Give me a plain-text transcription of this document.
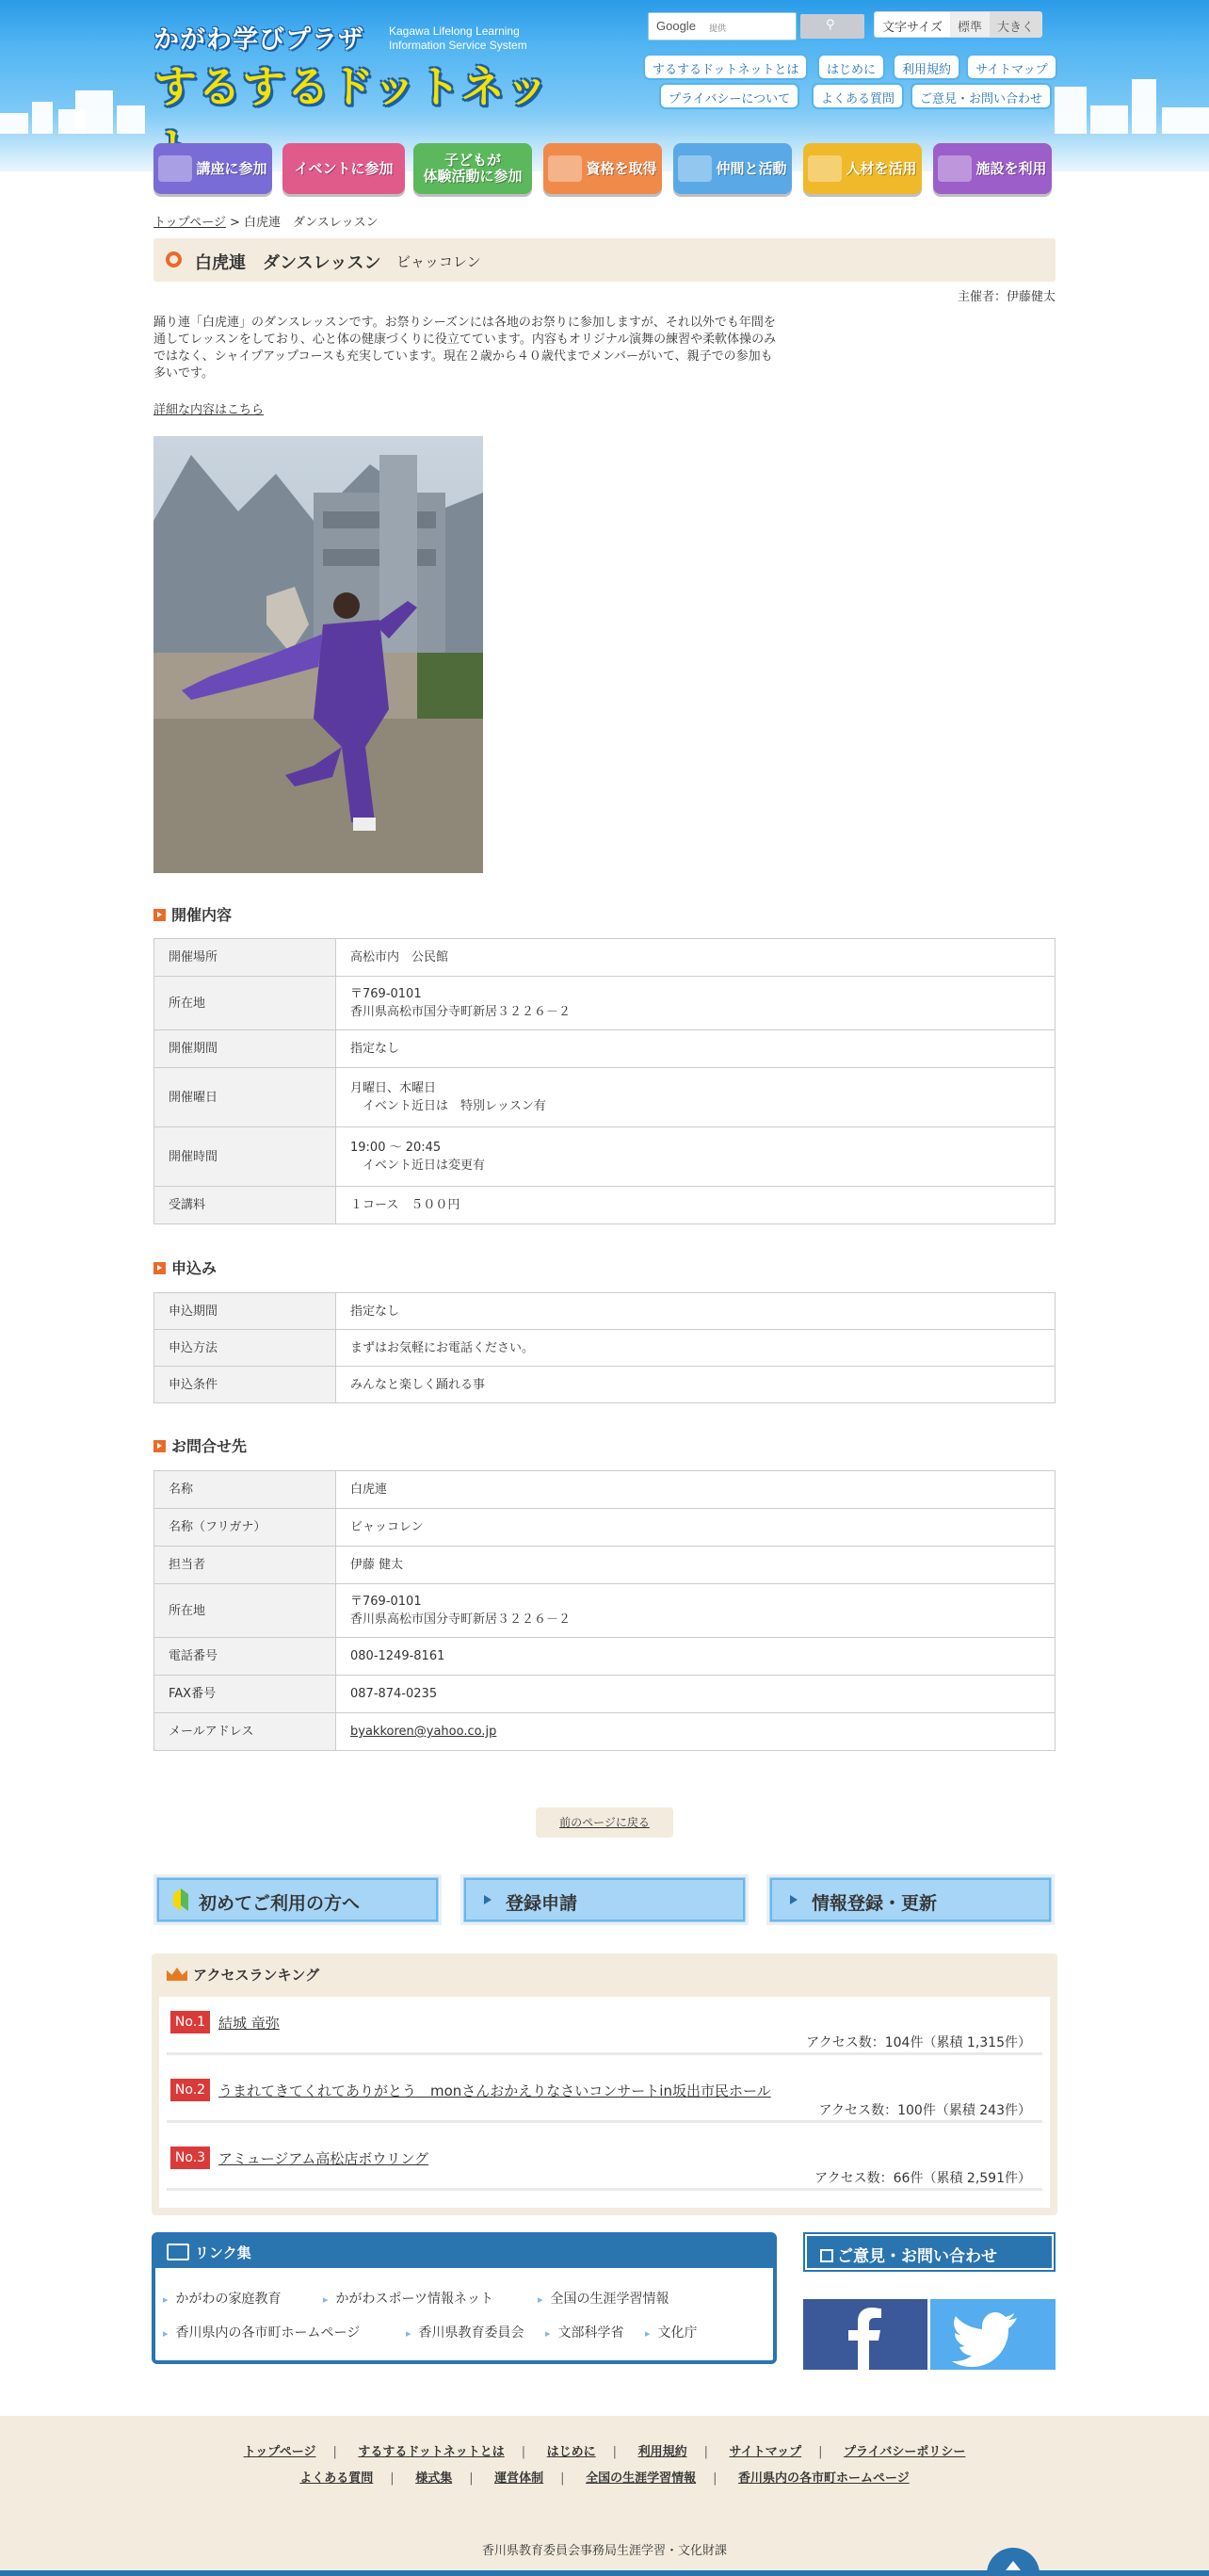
かがわ学びプラザ Kagawa Lifelong Learning
Information Service System
するするドットネッ
Google 提供	⚲	文字サイズ	標準	大きく
するするドットネットとは	はじめに	利用規約	サイトマップ
プライバシーについて	よくある質問	ご意見・お問い合わせ
講座に参加 イベントに参加	子どもが
体験活動に参加	資格を取得	仲間と活動	人材を活用	施設を利用
トップページ > 白虎連　ダンスレッスン
白虎連　ダンスレッスン ビャッコレン
主催者：伊藤健太
踊り連「白虎連」のダンスレッスンです。お祭りシーズンには各地のお祭りに参加しますが、それ以外でも年間を通してレッスンをしており、心と体の健康づくりに役立てています。内容もオリジナル演舞の練習や柔軟体操のみではなく、シャイプアップコースも充実しています。現在２歳から４０歳代までメンバーがいて、親子での参加も多いです。
詳細な内容はこちら
開催内容
開催場所	高松市内　公民館
所在地	〒769-0101
香川県高松市国分寺町新居３２２６－２

開催期間	指定なし
開催曜日	月曜日、木曜日
　イベント近日は　特別レッスン有

開催時間	19:00 ～ 20:45
　イベント近日は変更有

受講料	１コース　５００円
申込み
申込期間	指定なし
申込方法	まずはお気軽にお電話ください。
申込条件	みんなと楽しく踊れる事
お問合せ先
名称	白虎連
名称（フリガナ）	ビャッコレン
担当者	伊藤 健太
所在地	〒769-0101
香川県高松市国分寺町新居３２２６－２

電話番号	080-1249-8161
FAX番号	087-874-0235
メールアドレス	byakkoren@yahoo.co.jp
前のページに戻る
初めてご利用の方へ	登録申請	情報登録・更新
アクセスランキング
No.1 結城 竜弥
アクセス数：104件（累積 1,315件）
No.2 うまれてきてくれてありがとう　monさんおかえりなさいコンサートin坂出市民ホール
アクセス数：100件（累積 243件）
No.3 アミュージアム高松店ボウリング
アクセス数：66件（累積 2,591件）
リンク集
▸ かがわの家庭教育	▸ かがわスポーツ情報ネット	▸ 全国の生涯学習情報
▸ 香川県内の各市町ホームページ	▸ 香川県教育委員会	▸ 文部科学省	▸ 文化庁
ご意見・お問い合わせ
トップページ | するするドットネットとは | はじめに | 利用規約 | サイトマップ | プライバシーポリシー
よくある質問 | 様式集 | 運営体制 | 全国の生涯学習情報 | 香川県内の各市町ホームページ
香川県教育委員会事務局生涯学習・文化財課
